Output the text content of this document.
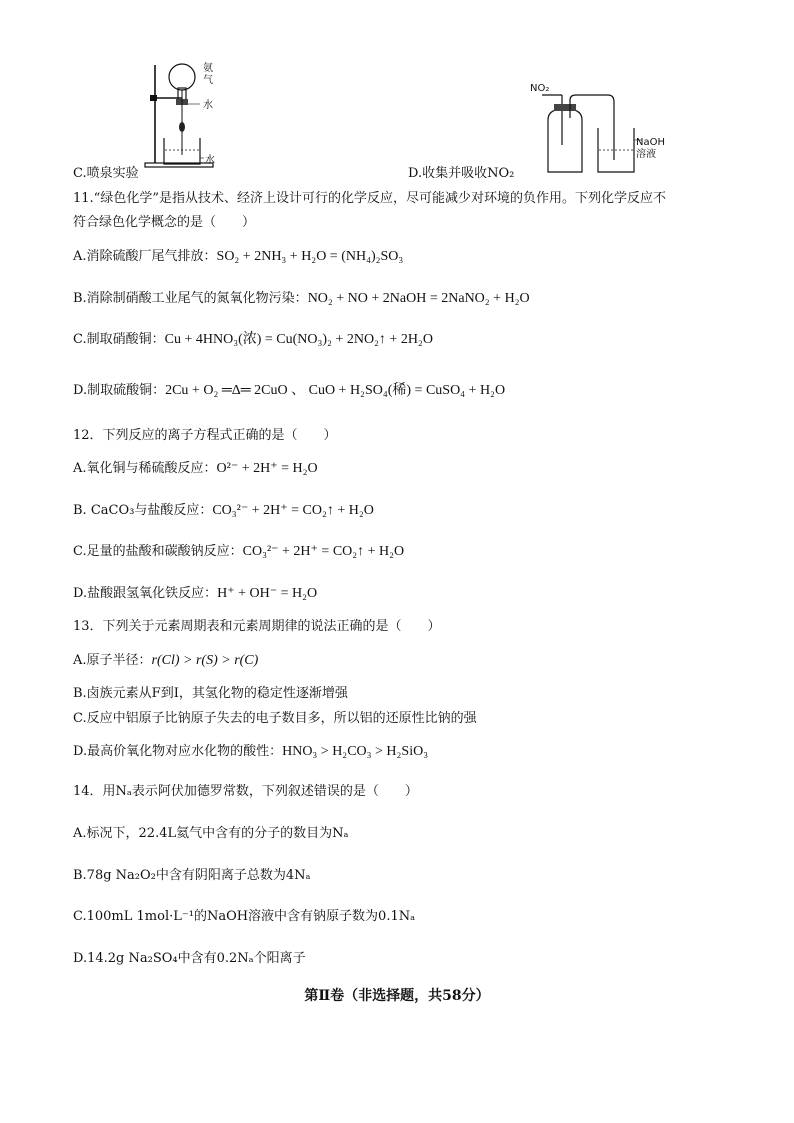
氨气
水
水
C.喷泉实验
NO₂
NaOH溶液
D.收集并吸收NO₂
11.“绿色化学”是指从技术、经济上设计可行的化学反应，尽可能减少对环境的负作用。下列化学反应不
符合绿色化学概念的是（　　）
A.消除硫酸厂尾气排放：SO₂ + 2NH₃ + H₂O = (NH₄)₂SO₃
B.消除制硝酸工业尾气的氮氧化物污染：NO₂ + NO + 2NaOH = 2NaNO₂ + H₂O
C.制取硝酸铜：Cu + 4HNO₃(浓) = Cu(NO₃)₂ + 2NO₂↑ + 2H₂O
D.制取硫酸铜：2Cu + O₂ ═Δ═ 2CuO 、 CuO + H₂SO₄(稀) = CuSO₄ + H₂O
12．下列反应的离子方程式正确的是（　　）
A.氧化铜与稀硫酸反应：O²⁻ + 2H⁺ = H₂O
B. CaCO₃与盐酸反应：CO₃²⁻ + 2H⁺ = CO₂↑ + H₂O
C.足量的盐酸和碳酸钠反应：CO₃²⁻ + 2H⁺ = CO₂↑ + H₂O
D.盐酸跟氢氧化铁反应：H⁺ + OH⁻ = H₂O
13．下列关于元素周期表和元素周期律的说法正确的是（　　）
A.原子半径：r(Cl) > r(S) > r(C)
B.卤族元素从F到I，其氢化物的稳定性逐渐增强
C.反应中铝原子比钠原子失去的电子数目多，所以铝的还原性比钠的强
D.最高价氧化物对应水化物的酸性：HNO₃ > H₂CO₃ > H₂SiO₃
14．用Nₐ表示阿伏加德罗常数，下列叙述错误的是（　　）
A.标况下，22.4L氦气中含有的分子的数目为Nₐ
B.78g Na₂O₂中含有阴阳离子总数为4Nₐ
C.100mL 1mol·L⁻¹的NaOH溶液中含有钠原子数为0.1Nₐ
D.14.2g Na₂SO₄中含有0.2Nₐ个阳离子
第Ⅱ卷（非选择题，共58分）
